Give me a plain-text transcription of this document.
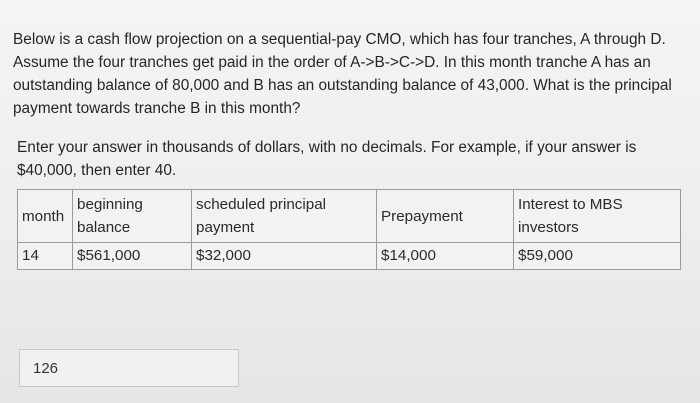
Below is a cash flow projection on a sequential-pay CMO, which has four tranches, A through D. Assume the four tranches get paid in the order of A->B->C->D. In this month tranche A has an outstanding balance of 80,000 and B has an outstanding balance of 43,000. What is the principal payment towards tranche B in this month?

Enter your answer in thousands of dollars, with no decimals. For example, if your answer is $40,000, then enter 40.

month	beginning balance	scheduled principal payment	Prepayment	Interest to MBS investors
14	$561,000	$32,000	$14,000	$59,000
126
